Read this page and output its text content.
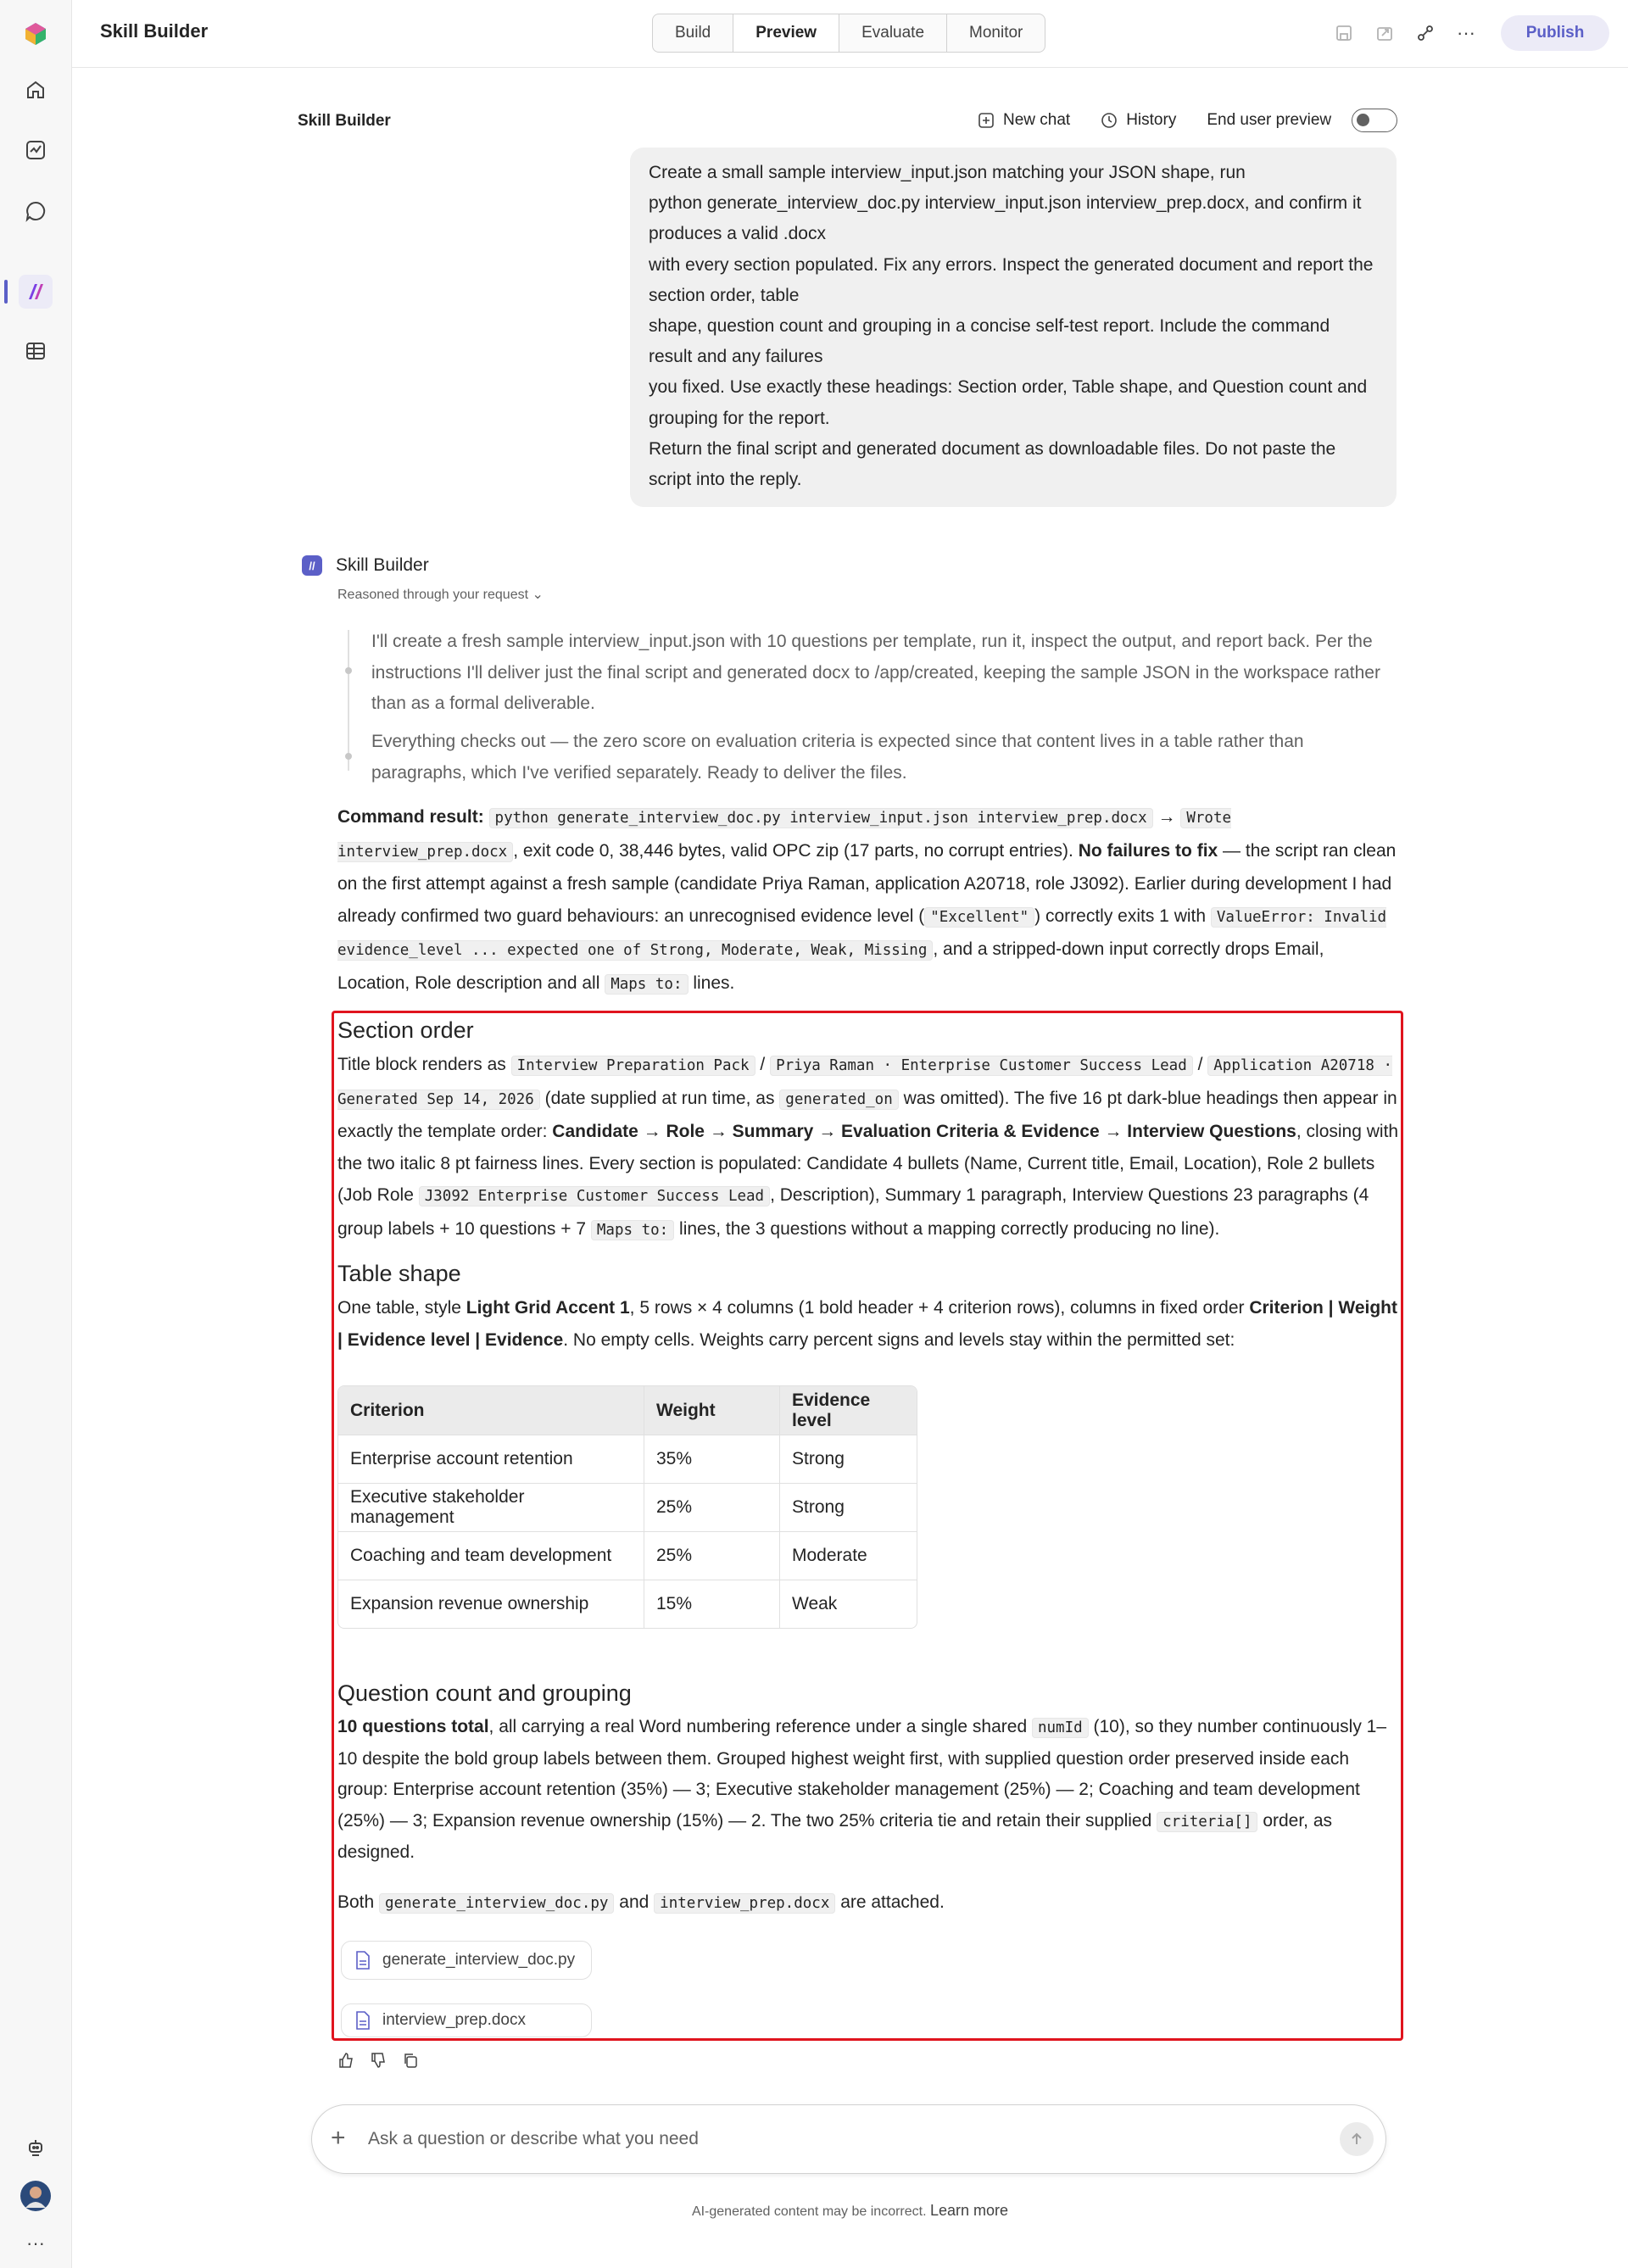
···
Skill Builder	Build	Preview	Evaluate	Monitor	···	Publish
Skill Builder	New chat	History End user preview
Create a small sample interview_input.json matching your JSON shape, run
python generate_interview_doc.py interview_input.json interview_prep.docx, and confirm it produces a valid .docx
with every section populated. Fix any errors. Inspect the generated document and report the section order, table
shape, question count and grouping in a concise self-test report. Include the command result and any failures
you fixed. Use exactly these headings: Section order, Table shape, and Question count and grouping for the report.
Return the final script and generated document as downloadable files. Do not paste the script into the reply.
//	Skill Builder
Reasoned through your request ⌄
I'll create a fresh sample interview_input.json with 10 questions per template, run it, inspect the output, and report back. Per the instructions I'll deliver just the final script and generated docx to /app/created, keeping the sample JSON in the workspace rather than as a formal deliverable.
Everything checks out — the zero score on evaluation criteria is expected since that content lives in a table rather than paragraphs, which I've verified separately. Ready to deliver the files.
Command result: python generate_interview_doc.py interview_input.json interview_prep.docx → Wrote interview_prep.docx , exit code 0, 38,446 bytes, valid OPC zip (17 parts, no corrupt entries). No failures to fix — the script ran clean on the first attempt against a fresh sample (candidate Priya Raman, application A20718, role J3092). Earlier during development I had already confirmed two guard behaviours: an unrecognised evidence level ( "Excellent" ) correctly exits 1 with ValueError: Invalid evidence_level ... expected one of Strong, Moderate, Weak, Missing , and a stripped-down input correctly drops Email, Location, Role description and all Maps to: lines.
Section order
Title block renders as Interview Preparation Pack / Priya Raman · Enterprise Customer Success Lead / Application A20718 · Generated Sep 14, 2026 (date supplied at run time, as generated_on was omitted). The five 16 pt dark-blue headings then appear in exactly the template order: Candidate → Role → Summary → Evaluation Criteria & Evidence → Interview Questions, closing with the two italic 8 pt fairness lines. Every section is populated: Candidate 4 bullets (Name, Current title, Email, Location), Role 2 bullets (Job Role J3092 Enterprise Customer Success Lead , Description), Summary 1 paragraph, Interview Questions 23 paragraphs (4 group labels + 10 questions + 7 Maps to: lines, the 3 questions without a mapping correctly producing no line).
Table shape
One table, style Light Grid Accent 1, 5 rows × 4 columns (1 bold header + 4 criterion rows), columns in fixed order Criterion | Weight | Evidence level | Evidence. No empty cells. Weights carry percent signs and levels stay within the permitted set:
Criterion	Weight	Evidence level
Enterprise account retention	35%	Strong
Executive stakeholder management	25%	Strong
Coaching and team development	25%	Moderate
Expansion revenue ownership	15%	Weak
Question count and grouping
10 questions total, all carrying a real Word numbering reference under a single shared numId (10), so they number continuously 1–10 despite the bold group labels between them. Grouped highest weight first, with supplied question order preserved inside each group: Enterprise account retention (35%) — 3; Executive stakeholder management (25%) — 2; Coaching and team development (25%) — 3; Expansion revenue ownership (15%) — 2. The two 25% criteria tie and retain their supplied criteria[] order, as designed.
Both generate_interview_doc.py and interview_prep.docx are attached.
generate_interview_doc.py
interview_prep.docx
+
Ask a question or describe what you need
AI-generated content may be incorrect. Learn more
